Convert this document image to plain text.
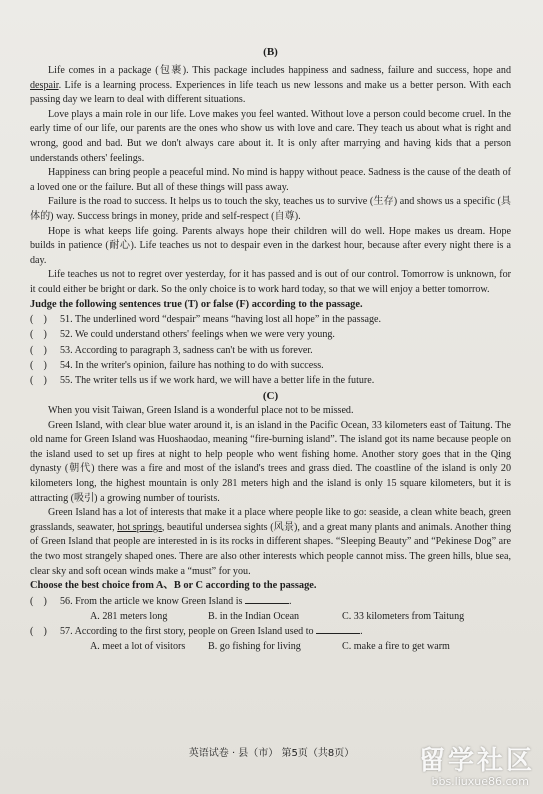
(B)

Life comes in a package (包裹). This package includes happiness and sadness, failure and success, hope and despair. Life is a learning process. Experiences in life teach us new lessons and make us a better person. With each passing day we learn to deal with different situations.

Love plays a main role in our life. Love makes you feel wanted. Without love a person could become cruel. In the early time of our life, our parents are the ones who show us with love and care. They teach us about what is right and wrong, good and bad. But we don't always care about it. It is only after marrying and having kids that a person understands others' feelings.

Happiness can bring people a peaceful mind. No mind is happy without peace. Sadness is the cause of the death of a loved one or the failure. But all of these things will pass away.

Failure is the road to success. It helps us to touch the sky, teaches us to survive (生存) and shows us a specific (具体的) way. Success brings in money, pride and self-respect (自尊).

Hope is what keeps life going. Parents always hope their children will do well. Hope makes us dream. Hope builds in patience (耐心). Life teaches us not to despair even in the darkest hour, because after every night there is a day.

Life teaches us not to regret over yesterday, for it has passed and is out of our control. Tomorrow is unknown, for it could either be bright or dark. So the only choice is to work hard today, so that we will enjoy a better tomorrow.

Judge the following sentences true (T) or false (F) according to the passage.

( ) 51. The underlined word “despair” means “having lost all hope” in the passage.

( ) 52. We could understand others' feelings when we were very young.

( ) 53. According to paragraph 3, sadness can't be with us forever.

( ) 54. In the writer's opinion, failure has nothing to do with success.

( ) 55. The writer tells us if we work hard, we will have a better life in the future.

(C)

When you visit Taiwan, Green Island is a wonderful place not to be missed.

Green Island, with clear blue water around it, is an island in the Pacific Ocean, 33 kilometers east of Taitung. The old name for Green Island was Huoshaodao, meaning “fire-burning island”. The island got its name because people on the island used to set up fires at night to help people who went fishing home. Another story goes that in the Qing dynasty (朝代) there was a fire and most of the island's trees and grass died. The coastline of the island is only 20 kilometers long, the highest mountain is only 281 meters high and the island is only 15 square kilometers, but it is attracting (吸引) a growing number of tourists.

Green Island has a lot of interests that make it a place where people like to go: seaside, a clean white beach, green grasslands, seawater, hot springs, beautiful undersea sights (风景), and a great many plants and animals. Another thing of Green Island that people are interested in is its rocks in different shapes. “Sleeping Beauty” and “Pekinese Dog” are the two most strangely shaped ones. There are also other interests which people cannot miss. The green hills, blue sea, clear sky and soft ocean winds make a “must” for you.

Choose the best choice from A、B or C according to the passage.

( ) 56. From the article we know Green Island is	.

A. 281 meters long	B. in the Indian Ocean	C. 33 kilometers from Taitung

( ) 57. According to the first story, people on Green Island used to	.

A. meet a lot of visitors	B. go fishing for living	C. make a fire to get warm
英语试卷 · 县（市） 第5页（共8页）	留学社区
bbs.liuxue86.com
